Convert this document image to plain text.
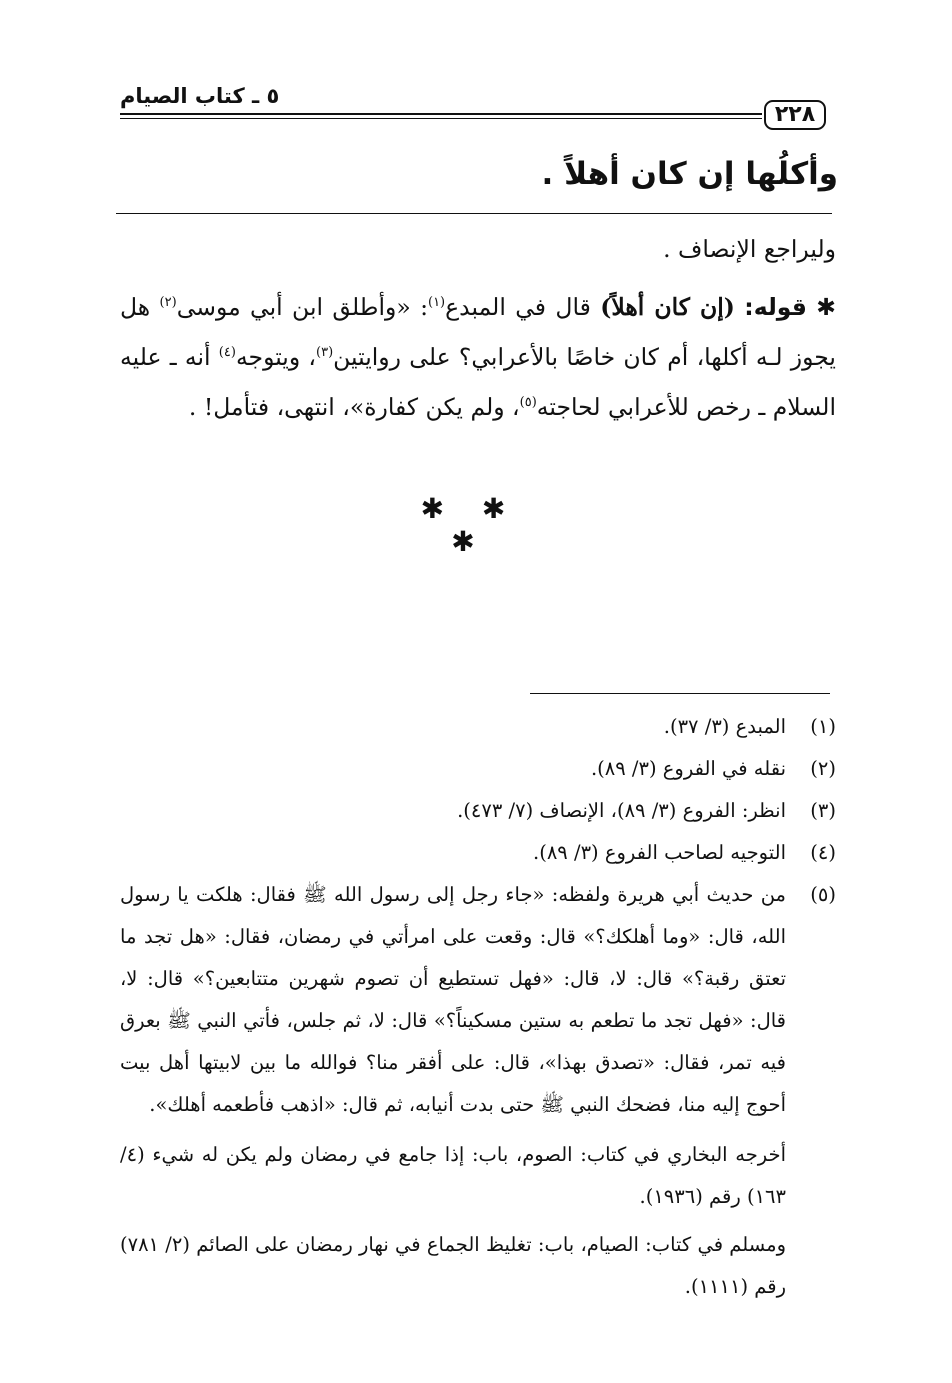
٢٢٨
٥ ـ كتاب الصيام
وأكلُها إن كان أهلاً .

وليراجع الإنصاف .

✱ قوله: (إن كان أهلاً) قال في المبدع$^{(١)}$: «وأطلق ابن أبي موسى$^{(٢)}$ هل يجوز لـه أكلها، أم كان خاصًا بالأعرابي؟ على روايتين$^{(٣)}$، ويتوجه$^{(٤)}$ أنه ـ عليه السلام ـ رخص للأعرابي لحاجته$^{(٥)}$، ولم يكن كفارة»، انتهى، فتأمل! .

✱ ✱ ✱
(١)
المبدع (٣/ ٣٧).
(٢)
نقله في الفروع (٣/ ٨٩).
(٣)
انظر: الفروع (٣/ ٨٩)، الإنصاف (٧/ ٤٧٣).
(٤)
التوجيه لصاحب الفروع (٣/ ٨٩).
(٥)
من حديث أبي هريرة ولفظه: «جاء رجل إلى رسول الله ﷺ فقال: هلكت يا رسول الله، قال: «وما أهلكك؟» قال: وقعت على امرأتي في رمضان، فقال: «هل تجد ما تعتق رقبة؟» قال: لا، قال: «فهل تستطيع أن تصوم شهرين متتابعين؟» قال: لا، قال: «فهل تجد ما تطعم به ستين مسكيناً؟» قال: لا، ثم جلس، فأتي النبي ﷺ بعرق فيه تمر، فقال: «تصدق بهذا»، قال: على أفقر منا؟ فوالله ما بين لابيتها أهل بيت أحوج إليه منا، فضحك النبي ﷺ حتى بدت أنيابه، ثم قال: «اذهب فأطعمه أهلك».
أخرجه البخاري في كتاب: الصوم، باب: إذا جامع في رمضان ولم يكن له شيء (٤/ ١٦٣) رقم (١٩٣٦).
ومسلم في كتاب: الصيام، باب: تغليظ الجماع في نهار رمضان على الصائم (٢/ ٧٨١) رقم (١١١١).
